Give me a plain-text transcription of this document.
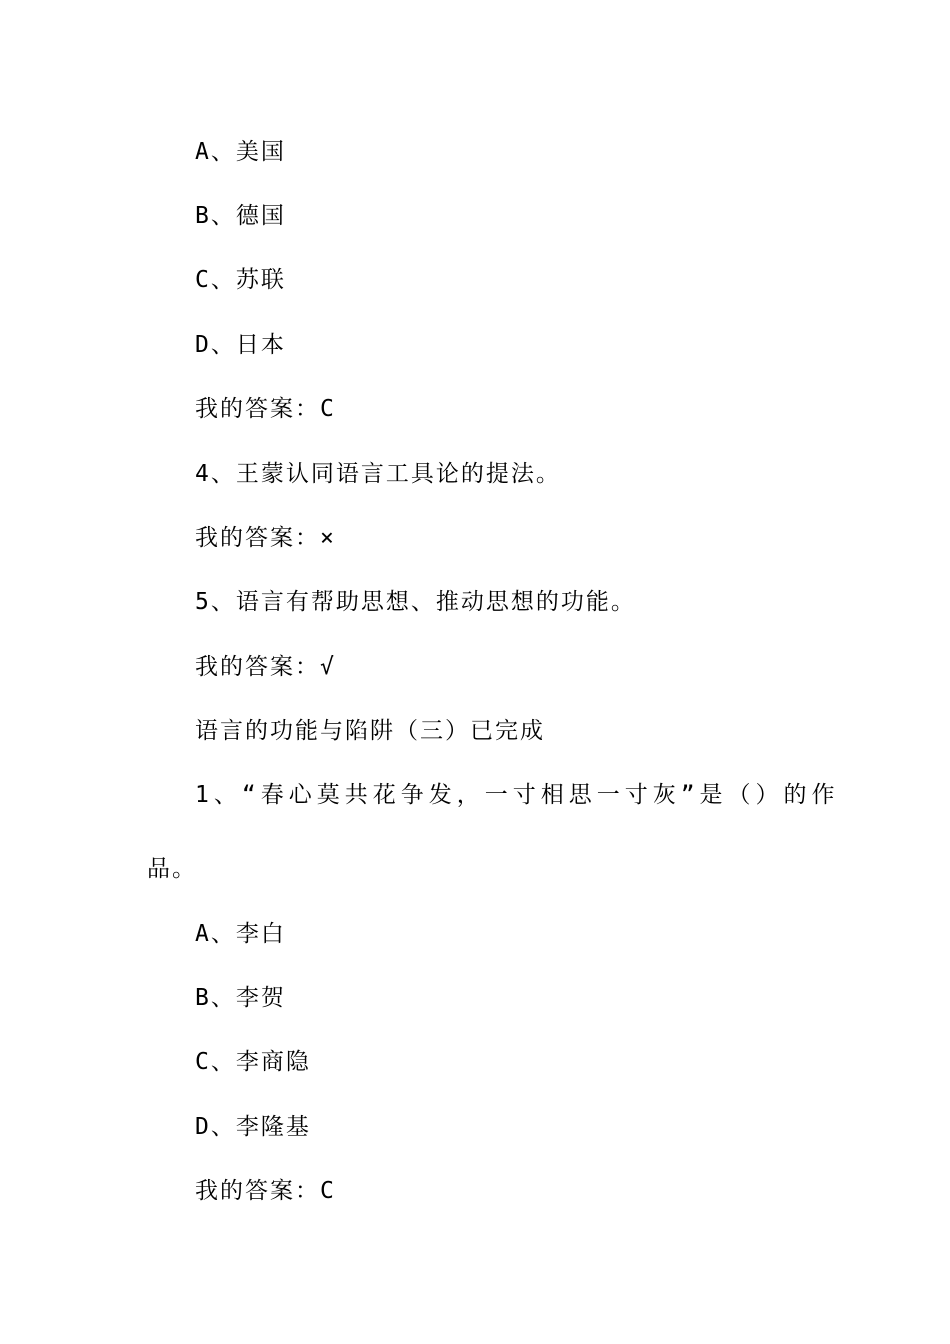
A、美国
B、德国
C、苏联
D、日本
我的答案：C
4、王蒙认同语言工具论的提法。
我的答案：×
5、语言有帮助思想、推动思想的功能。
我的答案：√
语言的功能与陷阱（三）已完成
1、“春心莫共花争发，一寸相思一寸灰”是（）的作
品。
A、李白
B、李贺
C、李商隐
D、李隆基
我的答案：C
